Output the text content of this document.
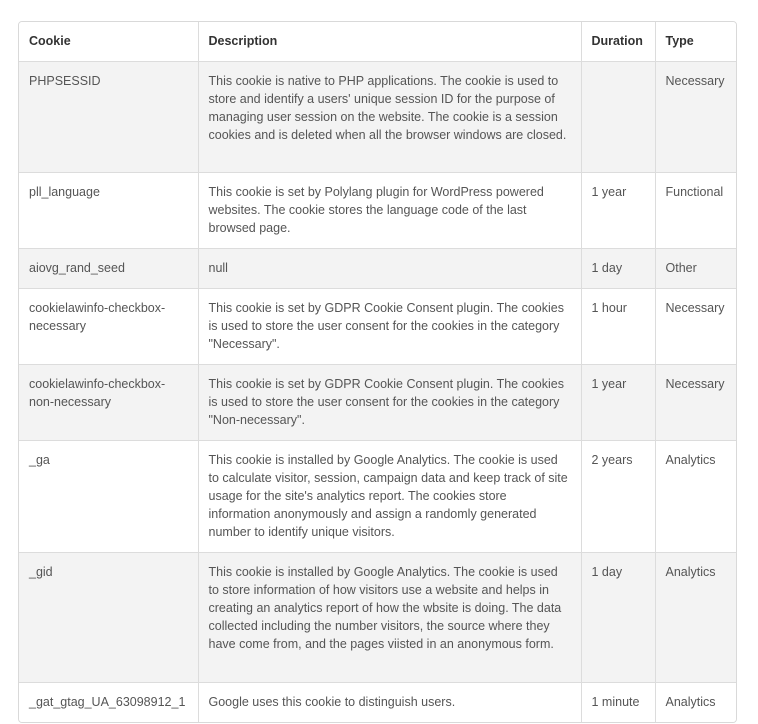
Cookie	Description	Duration	Type
PHPSESSID	This cookie is native to PHP applications. The cookie is used to store and identify a users' unique session ID for the purpose of managing user session on the website. The cookie is a session cookies and is deleted when all the browser windows are closed.		Necessary
pll_language	This cookie is set by Polylang plugin for WordPress powered websites. The cookie stores the language code of the last browsed page.	1 year	Functional
aiovg_rand_seed	null	1 day	Other
cookielawinfo-checkbox-necessary	This cookie is set by GDPR Cookie Consent plugin. The cookies is used to store the user consent for the cookies in the category "Necessary".	1 hour	Necessary
cookielawinfo-checkbox-non-necessary	This cookie is set by GDPR Cookie Consent plugin. The cookies is used to store the user consent for the cookies in the category "Non-necessary".	1 year	Necessary
_ga	This cookie is installed by Google Analytics. The cookie is used to calculate visitor, session, campaign data and keep track of site usage for the site's analytics report. The cookies store information anonymously and assign a randomly generated number to identify unique visitors.	2 years	Analytics
_gid	This cookie is installed by Google Analytics. The cookie is used to store information of how visitors use a website and helps in creating an analytics report of how the wbsite is doing. The data collected including the number visitors, the source where they have come from, and the pages viisted in an anonymous form.	1 day	Analytics
_gat_gtag_UA_63098912_1	Google uses this cookie to distinguish users.	1 minute	Analytics
